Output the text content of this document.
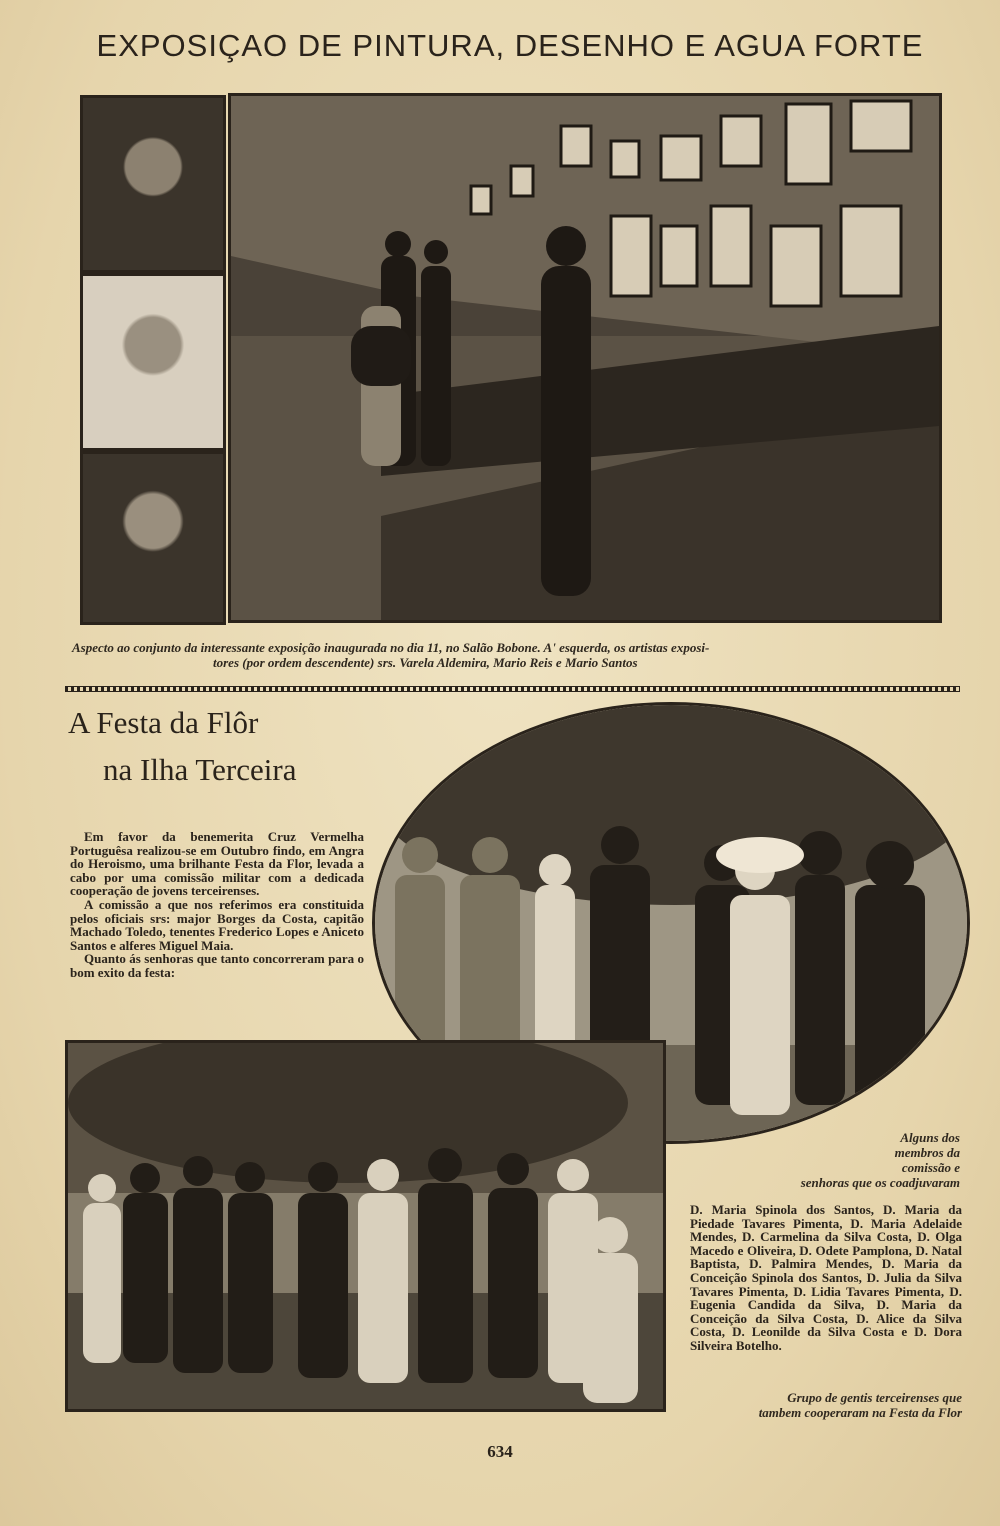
EXPOSIÇAO DE PINTURA, DESENHO E AGUA FORTE
Aspecto ao conjunto da interessante exposição inaugurada no dia 11, no Salão Bobone. A' esquerda, os artistas exposi-
tores (por ordem descendente) srs. Varela Aldemira, Mario Reis e Mario Santos
A Festa da Flôr
na Ilha Terceira

Em favor da benemerita Cruz Vermelha Portuguêsa realizou-se em Outubro findo, em Angra do Heroismo, uma brilhante Festa da Flor, levada a cabo por uma comissão militar com a dedicada cooperação de jovens terceirenses.

A comissão a que nos referimos era constituida pelos oficiais srs: major Borges da Costa, capitão Machado Toledo, tenentes Frederico Lopes e Aniceto Santos e alferes Miguel Maia.

Quanto ás senhoras que tanto concorreram para o bom exito da festa:

Alguns dos
membros da
comissão e
senhoras que os coadjuvaram
D. Maria Spinola dos Santos, D. Maria da Piedade Tavares Pimenta, D. Maria Adelaide Mendes, D. Carmelina da Silva Costa, D. Olga Macedo e Oliveira, D. Odete Pamplona, D. Natal Baptista, D. Palmira Mendes, D. Maria da Conceição Spinola dos Santos, D. Julia da Silva Tavares Pimenta, D. Lidia Tavares Pimenta, D. Eugenia Candida da Silva, D. Maria da Conceição da Silva Costa, D. Alice da Silva Costa, D. Leonilde da Silva Costa e D. Dora Silveira Botelho.
Grupo de gentis terceirenses que
tambem cooperaram na Festa da Flor
634
